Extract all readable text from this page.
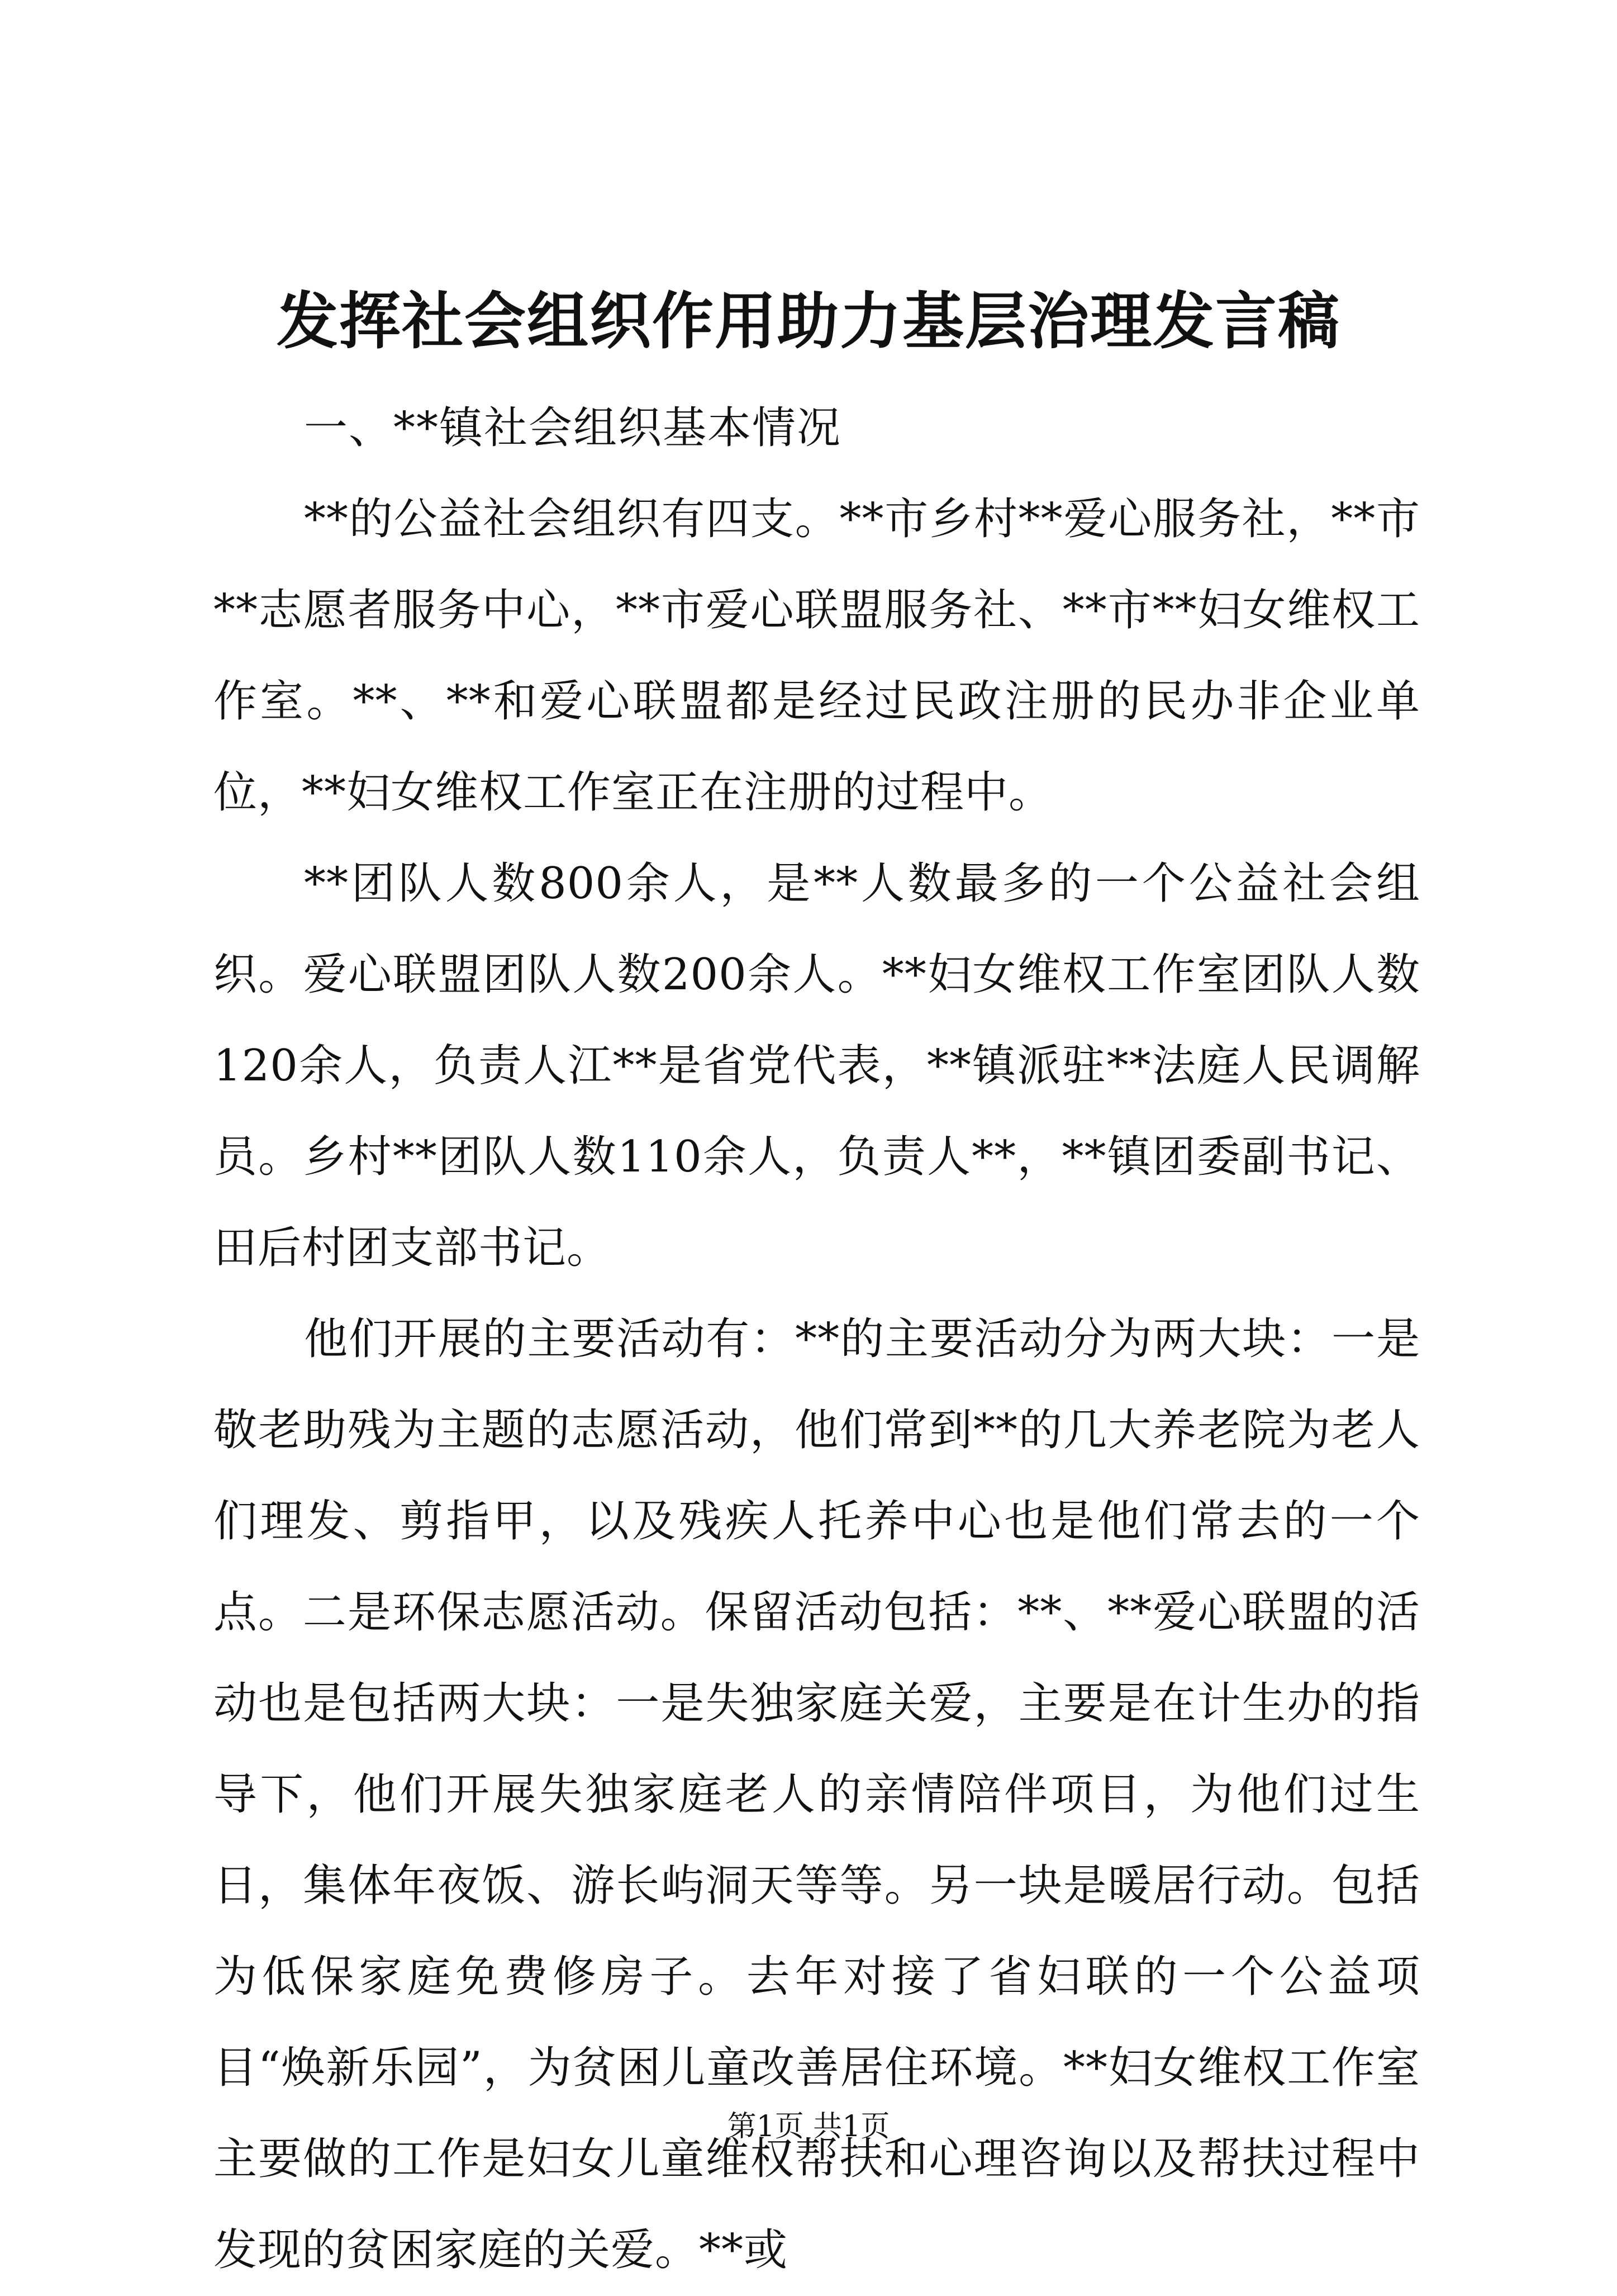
发挥社会组织作用助力基层治理发言稿

一、**镇社会组织基本情况

**的公益社会组织有四支。**市乡村**爱心服务社，**市**志愿者服务中心，**市爱心联盟服务社、**市**妇女维权工作室。**、**和爱心联盟都是经过民政注册的民办非企业单位，**妇女维权工作室正在注册的过程中。

**团队人数800余人，是**人数最多的一个公益社会组织。爱心联盟团队人数200余人。**妇女维权工作室团队人数120余人，负责人江**是省党代表，**镇派驻**法庭人民调解员。乡村**团队人数110余人，负责人**，**镇团委副书记、田后村团支部书记。

他们开展的主要活动有：**的主要活动分为两大块：一是敬老助残为主题的志愿活动，他们常到**的几大养老院为老人们理发、剪指甲，以及残疾人托养中心也是他们常去的一个点。二是环保志愿活动。保留活动包括：**、**爱心联盟的活动也是包括两大块：一是失独家庭关爱，主要是在计生办的指导下，他们开展失独家庭老人的亲情陪伴项目，为他们过生日，集体年夜饭、游长屿洞天等等。另一块是暖居行动。包括为低保家庭免费修房子。去年对接了省妇联的一个公益项目“焕新乐园”，为贫困儿童改善居住环境。**妇女维权工作室主要做的工作是妇女儿童维权帮扶和心理咨询以及帮扶过程中发现的贫困家庭的关爱。**或

第1页 共1页
